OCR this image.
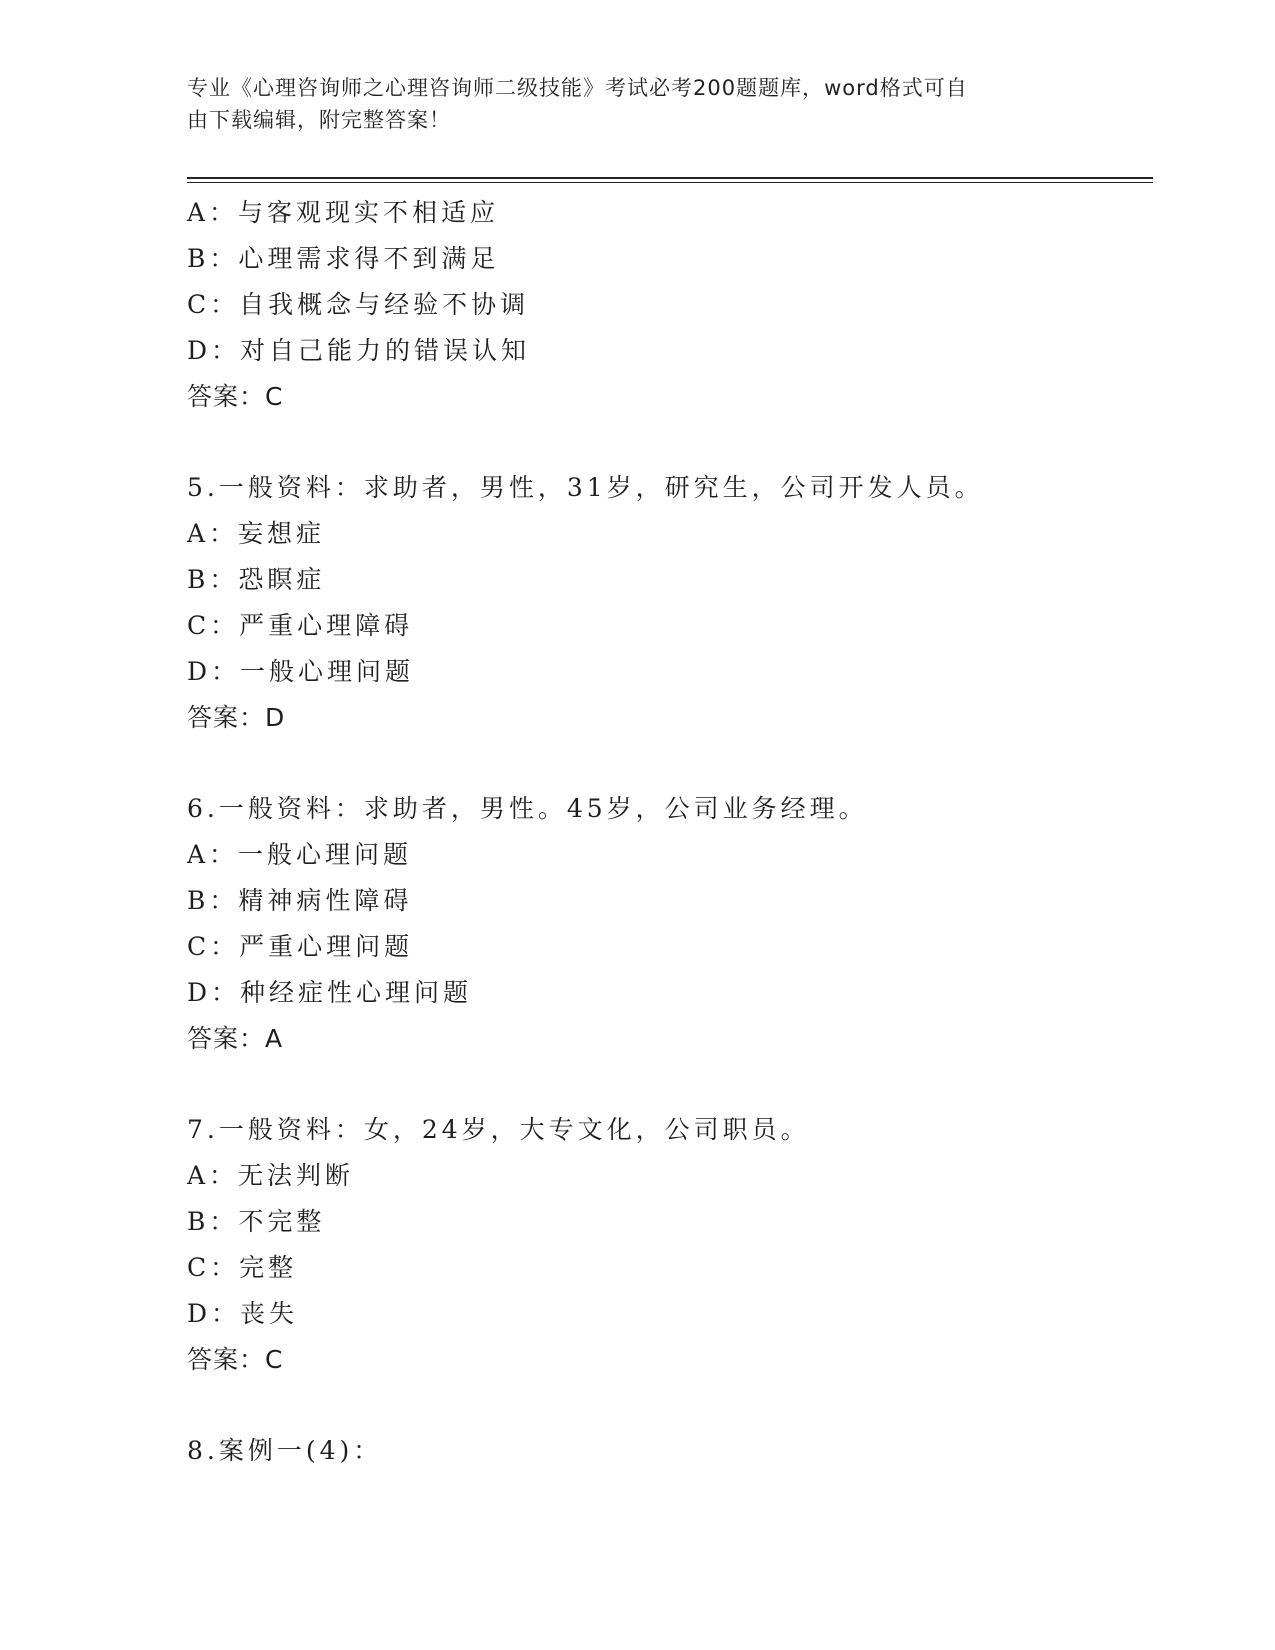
专业《心理咨询师之心理咨询师二级技能》考试必考200题题库，word格式可自
由下载编辑，附完整答案！
A：与客观现实不相适应
B：心理需求得不到满足
C：自我概念与经验不协调
D：对自己能力的错误认知
答案：C
5.一般资料：求助者，男性，31岁，研究生，公司开发人员。
A：妄想症
B：恐瞑症
C：严重心理障碍
D：一般心理问题
答案：D
6.一般资料：求助者，男性。45岁，公司业务经理。
A：一般心理问题
B：精神病性障碍
C：严重心理问题
D：种经症性心理问题
答案：A
7.一般资料：女，24岁，大专文化，公司职员。
A：无法判断
B：不完整
C：完整
D：丧失
答案：C
8.案例一(4)：
